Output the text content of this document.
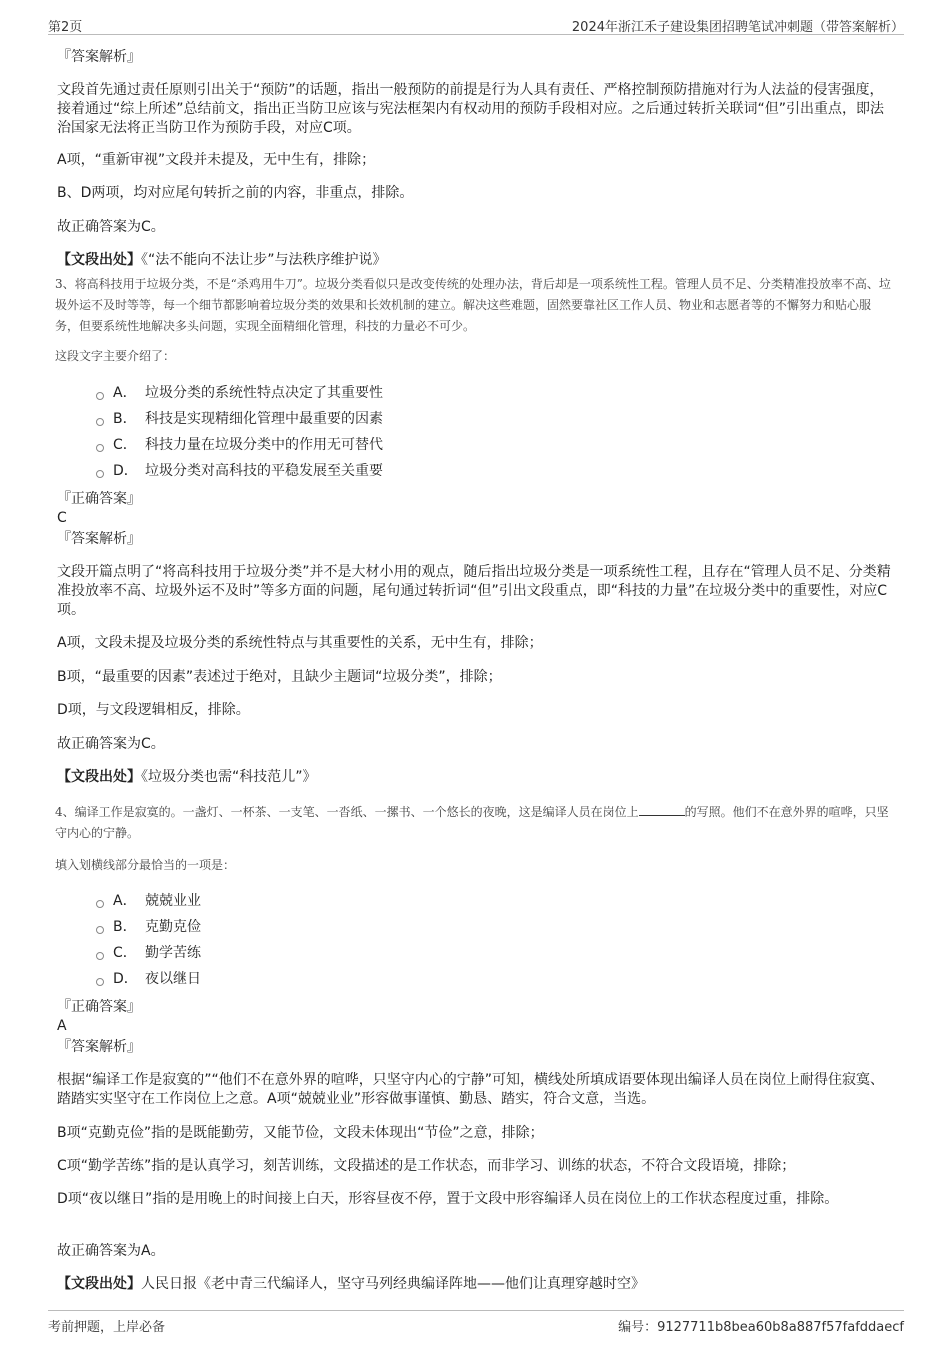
第2页	2024年浙江禾子建设集团招聘笔试冲刺题（带答案解析）

『答案解析』

文段首先通过责任原则引出关于“预防”的话题，指出一般预防的前提是行为人具有责任、严格控制预防措施对行为人法益的侵害强度，接着通过“综上所述”总结前文，指出正当防卫应该与宪法框架内有权动用的预防手段相对应。之后通过转折关联词“但”引出重点，即法治国家无法将正当防卫作为预防手段，对应C项。

A项，“重新审视”文段并未提及，无中生有，排除；

B、D两项，均对应尾句转折之前的内容，非重点，排除。

故正确答案为C。

【文段出处】《“法不能向不法让步”与法秩序维护说》

3、将高科技用于垃圾分类，不是“杀鸡用牛刀”。垃圾分类看似只是改变传统的处理办法，背后却是一项系统性工程。管理人员不足、分类精准投放率不高、垃圾外运不及时等等，每一个细节都影响着垃圾分类的效果和长效机制的建立。解决这些难题，固然要靠社区工作人员、物业和志愿者等的不懈努力和贴心服务，但要系统性地解决多头问题，实现全面精细化管理，科技的力量必不可少。

这段文字主要介绍了：

A． 垃圾分类的系统性特点决定了其重要性
B． 科技是实现精细化管理中最重要的因素
C． 科技力量在垃圾分类中的作用无可替代
D． 垃圾分类对高科技的平稳发展至关重要

『正确答案』

C

『答案解析』

文段开篇点明了“将高科技用于垃圾分类”并不是大材小用的观点，随后指出垃圾分类是一项系统性工程，且存在“管理人员不足、分类精准投放率不高、垃圾外运不及时”等多方面的问题，尾句通过转折词“但”引出文段重点，即“科技的力量”在垃圾分类中的重要性，对应C项。

A项，文段未提及垃圾分类的系统性特点与其重要性的关系，无中生有，排除；

B项，“最重要的因素”表述过于绝对，且缺少主题词“垃圾分类”，排除；

D项，与文段逻辑相反，排除。

故正确答案为C。

【文段出处】《垃圾分类也需“科技范儿”》

4、编译工作是寂寞的。一盏灯、一杯茶、一支笔、一沓纸、一摞书、一个悠长的夜晚，这是编译人员在岗位上	的写照。他们不在意外界的喧哗，只坚守内心的宁静。

填入划横线部分最恰当的一项是：

A． 兢兢业业
B． 克勤克俭
C． 勤学苦练
D． 夜以继日

『正确答案』

A

『答案解析』

根据“编译工作是寂寞的”“他们不在意外界的喧哗，只坚守内心的宁静”可知，横线处所填成语要体现出编译人员在岗位上耐得住寂寞、踏踏实实坚守在工作岗位上之意。A项“兢兢业业”形容做事谨慎、勤恳、踏实，符合文意，当选。

B项“克勤克俭”指的是既能勤劳，又能节俭，文段未体现出“节俭”之意，排除；

C项“勤学苦练”指的是认真学习，刻苦训练，文段描述的是工作状态，而非学习、训练的状态，不符合文段语境，排除；

D项“夜以继日”指的是用晚上的时间接上白天，形容昼夜不停，置于文段中形容编译人员在岗位上的工作状态程度过重，排除。

故正确答案为A。

【文段出处】人民日报《老中青三代编译人，坚守马列经典编译阵地——他们让真理穿越时空》

考前押题，上岸必备	编号：9127711b8bea60b8a887f57fafddaecf
